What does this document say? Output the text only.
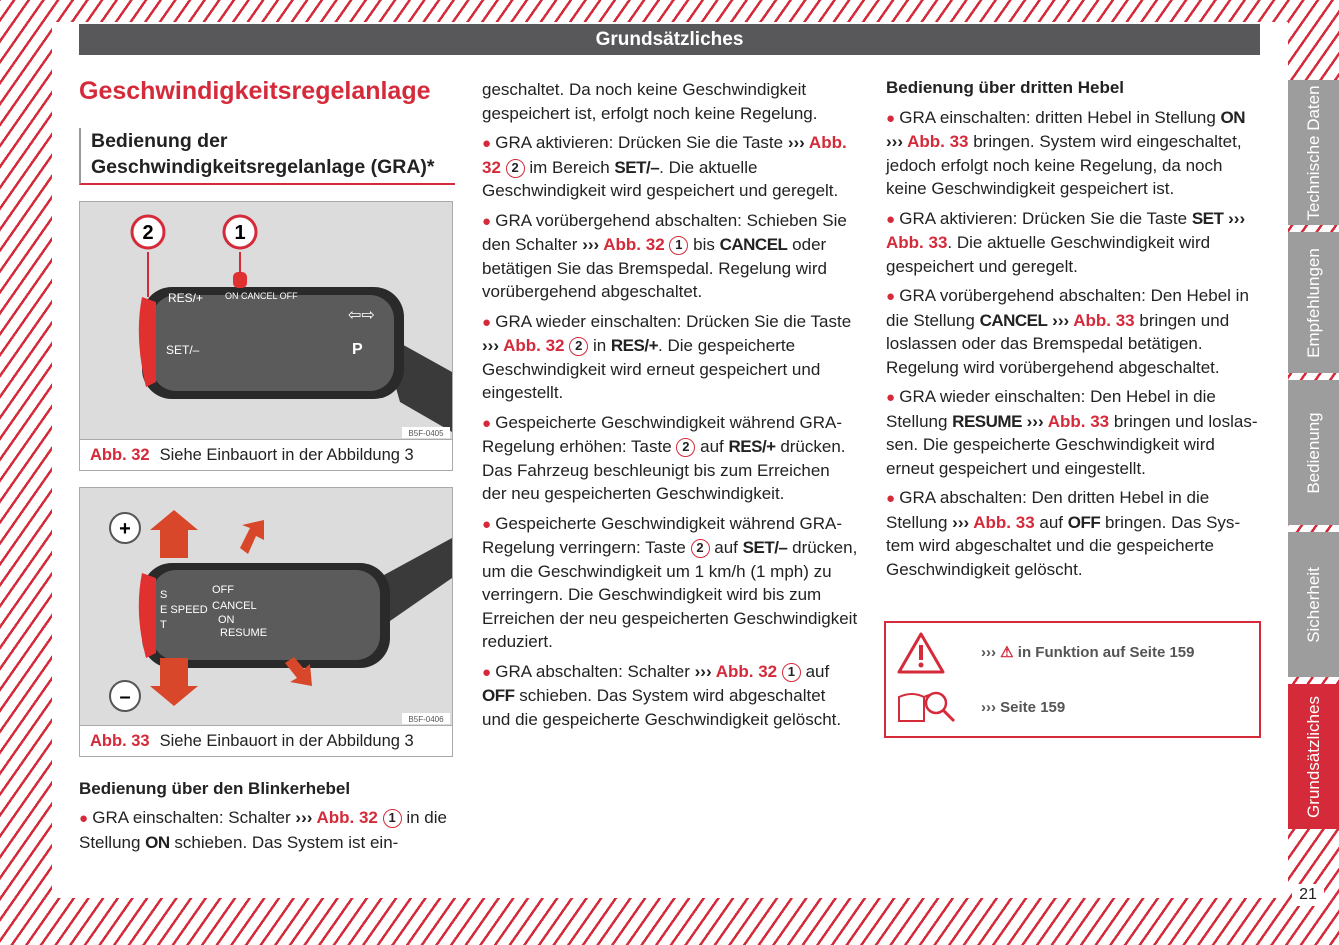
Grundsätzliches
Geschwindigkeitsregelanlage
Bedienung der Geschwindigkeitsregelanlage (GRA)*
2	1
RES/+ ON CANCEL OFF
SET/–
⇦⇨
P
B5F-0405
Abb. 32 Siehe Einbauort in der Abbildung 3
+
–
S
E SPEED
T
OFF
CANCEL
ON
RESUME
B5F-0406
Abb. 33 Siehe Einbauort in der Abbildung 3
Bedienung über den Blinkerhebel

● GRA einschalten: Schalter ››› Abb. 32 1 in die Stellung ON schieben. Das System ist ein-

geschaltet. Da noch keine Geschwindigkeit gespeichert ist, erfolgt noch keine Regelung.

● GRA aktivieren: Drücken Sie die Taste ››› Abb. 32 2 im Bereich SET/–. Die aktuelle Geschwindigkeit wird gespeichert und geregelt.

● GRA vorübergehend abschalten: Schieben Sie den Schalter ››› Abb. 32 1 bis CANCEL oder betätigen Sie das Bremspedal. Regelung wird vorübergehend abgeschaltet.

● GRA wieder einschalten: Drücken Sie die Taste ››› Abb. 32 2 in RES/+. Die gespeicherte Geschwindigkeit wird erneut gespeichert und eingestellt.

● Gespeicherte Geschwindigkeit während GRA-Regelung erhöhen: Taste 2 auf RES/+ drücken. Das Fahrzeug beschleunigt bis zum Erreichen der neu gespeicherten Geschwindigkeit.

● Gespeicherte Geschwindigkeit während GRA-Regelung verringern: Taste 2 auf SET/– drücken, um die Geschwindigkeit um 1 km/h (1 mph) zu verringern. Die Geschwindigkeit wird bis zum Erreichen der neu gespeicherten Geschwindigkeit reduziert.

● GRA abschalten: Schalter ››› Abb. 32 1 auf OFF schieben. Das System wird abgeschaltet und die gespeicherte Geschwindigkeit gelöscht.

Bedienung über dritten Hebel

● GRA einschalten: dritten Hebel in Stellung ON ››› Abb. 33 bringen. System wird eingeschaltet, jedoch erfolgt noch keine Regelung, da noch keine Geschwindigkeit gespeichert ist.

● GRA aktivieren: Drücken Sie die Taste SET ››› Abb. 33. Die aktuelle Geschwindigkeit wird gespeichert und geregelt.

● GRA vorübergehend abschalten: Den Hebel in die Stellung CANCEL ››› Abb. 33 bringen und loslassen oder das Bremspedal betätigen. Regelung wird vorübergehend abgeschaltet.

● GRA wieder einschalten: Den Hebel in die Stellung RESUME ››› Abb. 33 bringen und loslassen. Die gespeicherte Geschwindigkeit wird erneut gespeichert und eingestellt.

● GRA abschalten: Den dritten Hebel in die Stellung ››› Abb. 33 auf OFF bringen. Das System wird abgeschaltet und die gespeicherte Geschwindigkeit gelöscht.

››› ⚠ in Funktion auf Seite 159
››› Seite 159
Technische Daten
Empfehlungen
Bedienung
Sicherheit
Grundsätzliches
21
